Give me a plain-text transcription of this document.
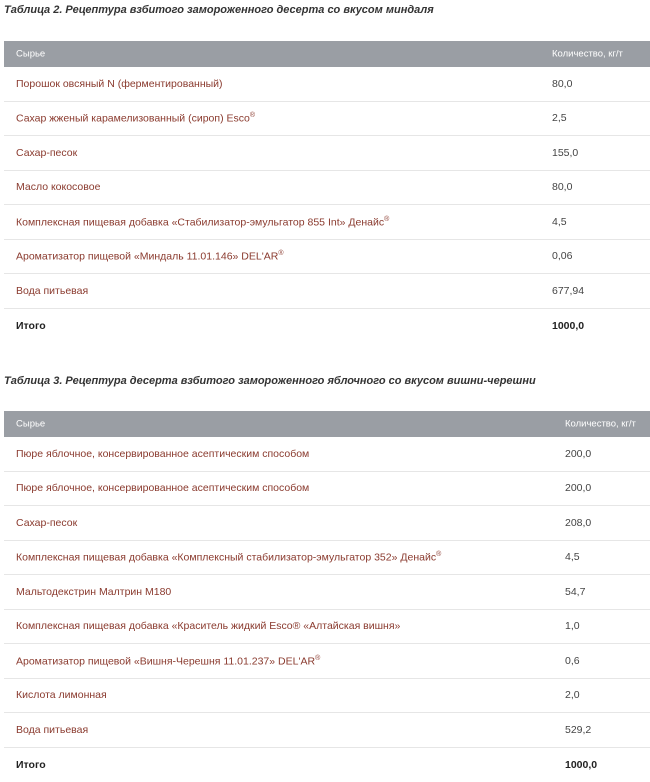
Таблица 2. Рецептура взбитого замороженного десерта со вкусом миндаля
Сырье	Количество, кг/т
Порошок овсяный N (ферментированный)	80,0
Сахар жженый карамелизованный (сироп) Esco®	2,5
Сахар-песок	155,0
Масло кокосовое	80,0
Комплексная пищевая добавка «Стабилизатор-эмульгатор 855 Int» Денайс®	4,5
Ароматизатор пищевой «Миндаль 11.01.146» DEL'AR®	0,06
Вода питьевая	677,94
Итого	1000,0
Таблица 3. Рецептура десерта взбитого замороженного яблочного со вкусом вишни-черешни
Сырье	Количество, кг/т
Пюре яблочное, консервированное асептическим способом	200,0
Пюре яблочное, консервированное асептическим способом	200,0
Сахар-песок	208,0
Комплексная пищевая добавка «Комплексный стабилизатор-эмульгатор 352» Денайс®	4,5
Мальтодекстрин Малтрин М180	54,7
Комплексная пищевая добавка «Краситель жидкий Esco® «Алтайская вишня»	1,0
Ароматизатор пищевой «Вишня-Черешня 11.01.237» DEL'AR®	0,6
Кислота лимонная	2,0
Вода питьевая	529,2
Итого	1000,0
